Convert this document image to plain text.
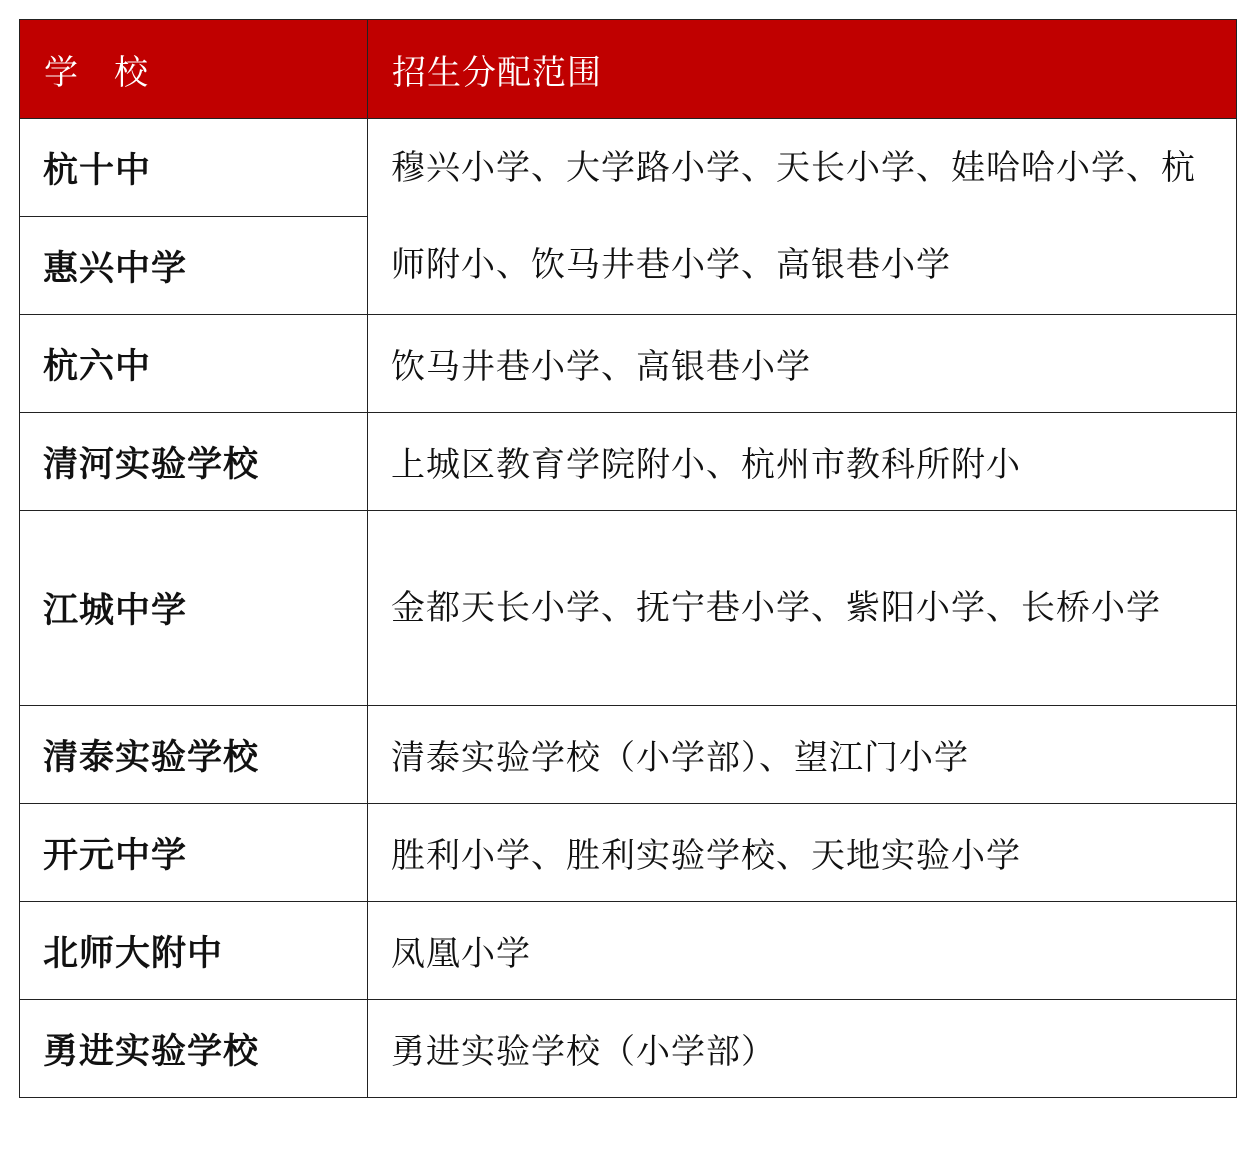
学　校	招生分配范围
杭十中	穆兴小学、大学路小学、天长小学、娃哈哈小学、杭师附小、饮马井巷小学、高银巷小学

惠兴中学	
杭六中	饮马井巷小学、高银巷小学

清河实验学校	上城区教育学院附小、杭州市教科所附小

江城中学	金都天长小学、抚宁巷小学、紫阳小学、长桥小学

清泰实验学校	清泰实验学校（小学部）、望江门小学

开元中学	胜利小学、胜利实验学校、天地实验小学

北师大附中	凤凰小学

勇进实验学校	勇进实验学校（小学部）
